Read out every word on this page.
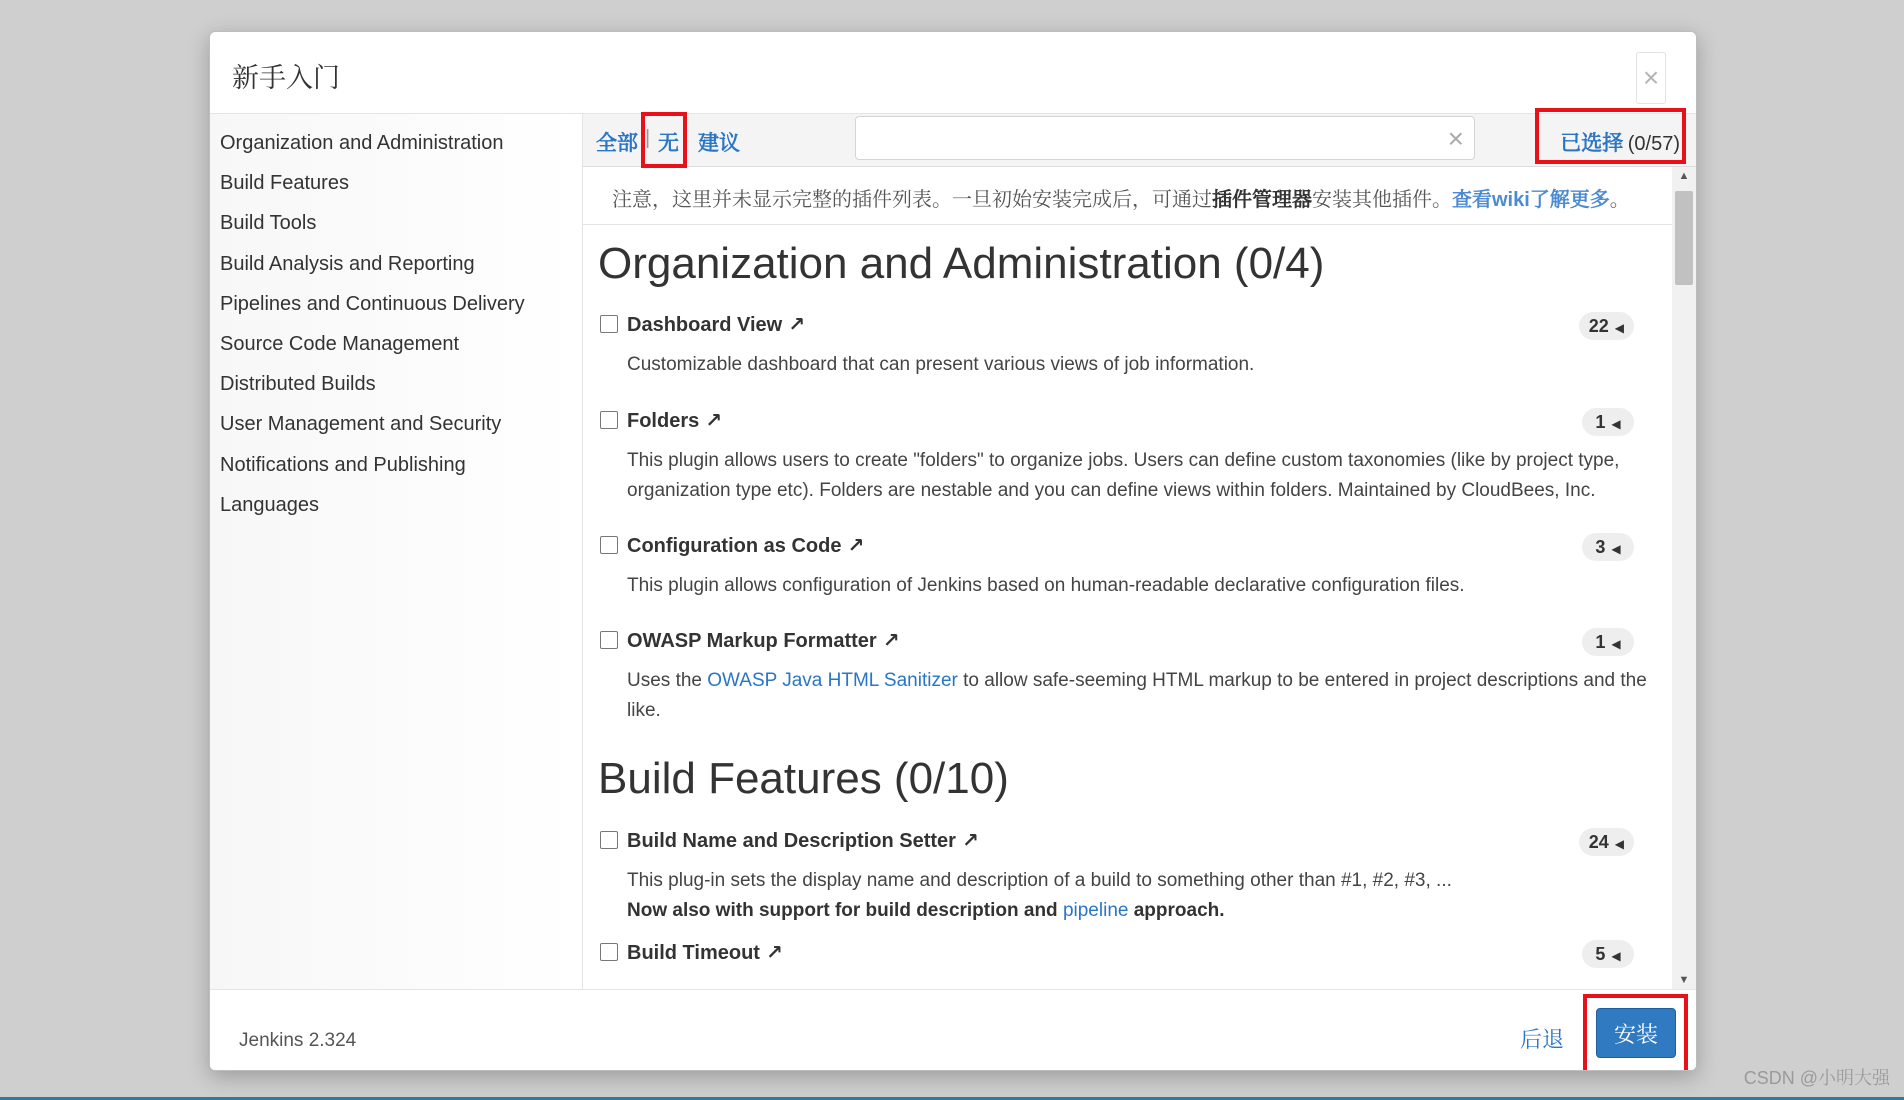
新手入门	×
Organization and Administration
Build Features
Build Tools
Build Analysis and Reporting
Pipelines and Continuous Delivery
Source Code Management
Distributed Builds
User Management and Security
Notifications and Publishing
Languages
全部 | 无 建议	×	已选择 (0/57)
注意，这里并未显示完整的插件列表。一旦初始安装完成后，可通过插件管理器安装其他插件。查看wiki了解更多。
Organization and Administration (0/4)
Dashboard View ↗	22 ◀
Customizable dashboard that can present various views of job information.
Folders ↗	1 ◀
This plugin allows users to create "folders" to organize jobs. Users can define custom taxonomies (like by project type, organization type etc). Folders are nestable and you can define views within folders. Maintained by CloudBees, Inc.
Configuration as Code ↗	3 ◀
This plugin allows configuration of Jenkins based on human-readable declarative configuration files.
OWASP Markup Formatter ↗	1 ◀
Uses the OWASP Java HTML Sanitizer to allow safe-seeming HTML markup to be entered in project descriptions and the like.
Build Features (0/10)
Build Name and Description Setter ↗	24 ◀
This plug-in sets the display name and description of a build to something other than #1, #2, #3, ...
Now also with support for build description and pipeline approach.
Build Timeout ↗	5 ◀
▲
▼
Jenkins 2.324	后退	安装
CSDN @小明大强
